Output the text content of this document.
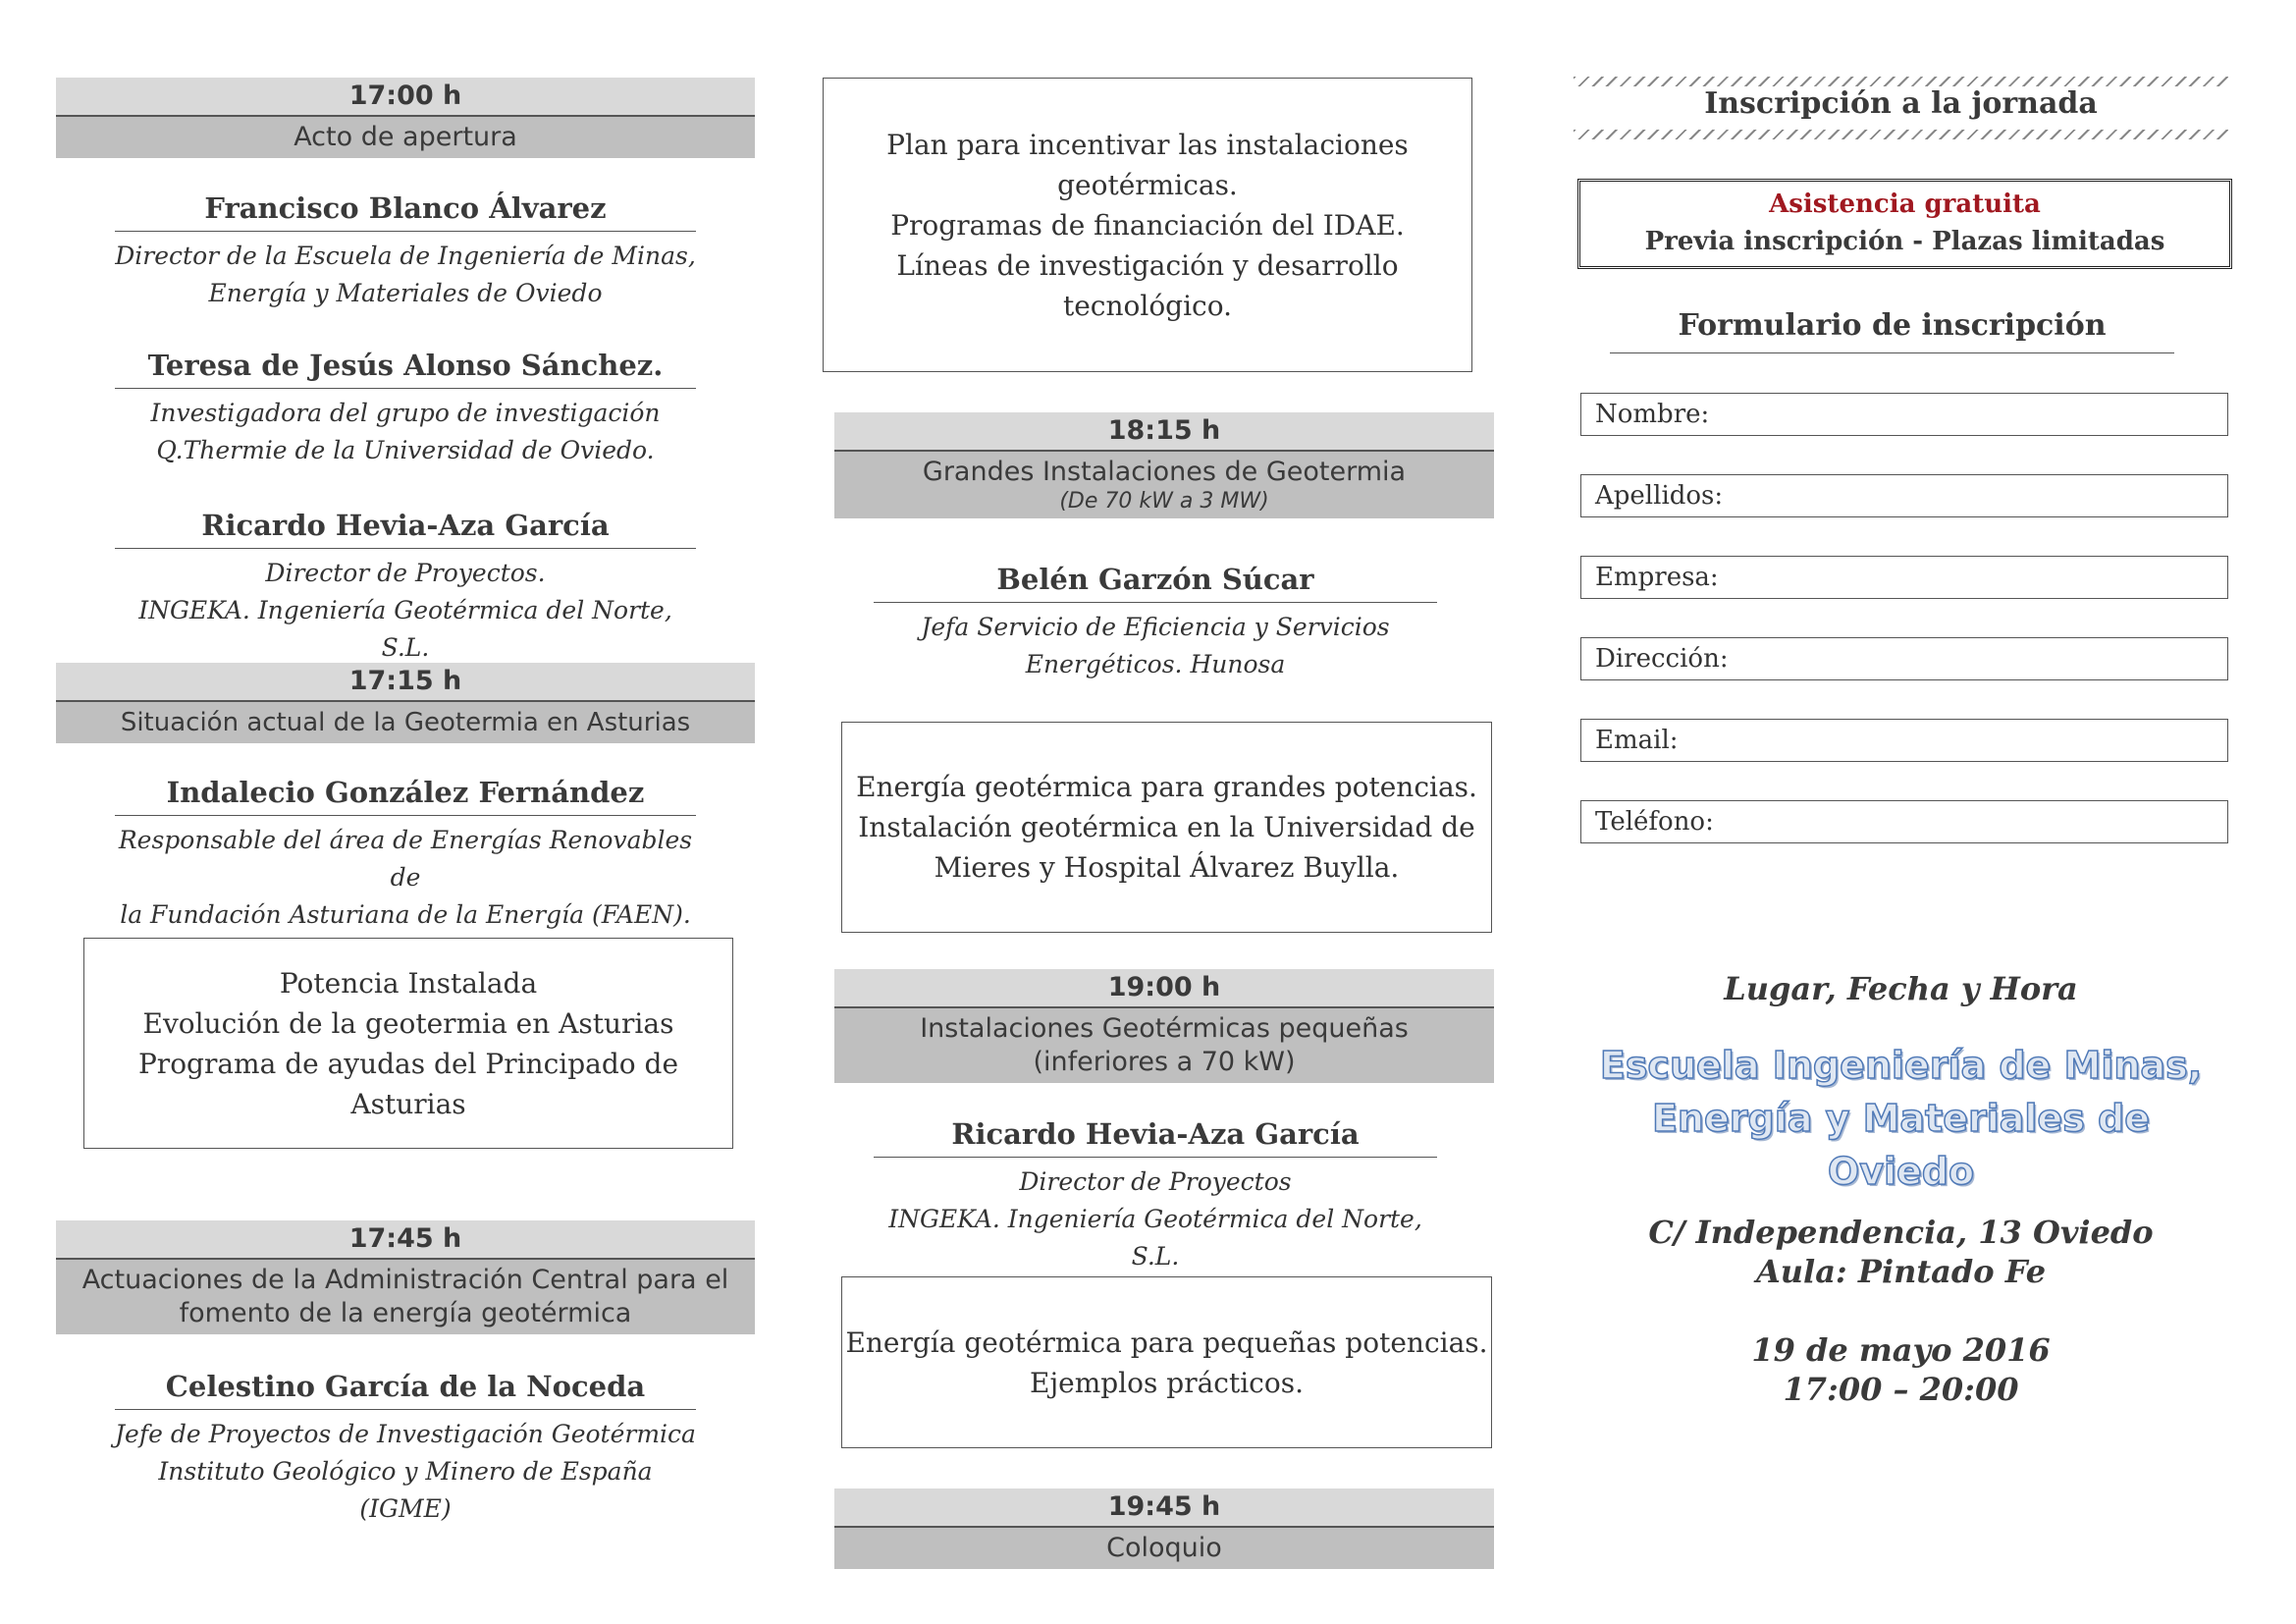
17:00 h
Acto de apertura
Francisco Blanco Álvarez
Director de la Escuela de Ingeniería de Minas,
Energía y Materiales de Oviedo
Teresa de Jesús Alonso Sánchez.
Investigadora del grupo de investigación
Q.Thermie de la Universidad de Oviedo.
Ricardo Hevia-Aza García
Director de Proyectos.
INGEKA. Ingeniería Geotérmica del Norte, S.L.
17:15 h
Situación actual de la Geotermia en Asturias
Indalecio González Fernández
Responsable del área de Energías Renovables de
la Fundación Asturiana de la Energía (FAEN).
Potencia Instalada
Evolución de la geotermia en Asturias
Programa de ayudas del Principado de Asturias
17:45 h
Actuaciones de la Administración Central para el
fomento de la energía geotérmica
Celestino García de la Noceda
Jefe de Proyectos de Investigación Geotérmica
Instituto Geológico y Minero de España (IGME)
Plan para incentivar las instalaciones
geotérmicas.
Programas de financiación del IDAE.
Líneas de investigación y desarrollo
tecnológico.
18:15 h
Grandes Instalaciones de Geotermia
(De 70 kW a 3 MW)
Belén Garzón Súcar
Jefa Servicio de Eficiencia y Servicios
Energéticos. Hunosa
Energía geotérmica para grandes potencias.
Instalación geotérmica en la Universidad de
Mieres y Hospital Álvarez Buylla.
19:00 h
Instalaciones Geotérmicas pequeñas
(inferiores a 70 kW)
Ricardo Hevia-Aza García
Director de Proyectos
INGEKA. Ingeniería Geotérmica del Norte, S.L.
Energía geotérmica para pequeñas potencias.
Ejemplos prácticos.
19:45 h
Coloquio
Inscripción a la jornada
Asistencia gratuita
Previa inscripción - Plazas limitadas
Formulario de inscripción
Nombre:
Apellidos:
Empresa:
Dirección:
Email:
Teléfono:
Lugar, Fecha y Hora
Escuela Ingeniería de Minas,
Energía y Materiales de
Oviedo
C/ Independencia, 13 Oviedo
Aula: Pintado Fe
19 de mayo 2016
17:00 – 20:00
